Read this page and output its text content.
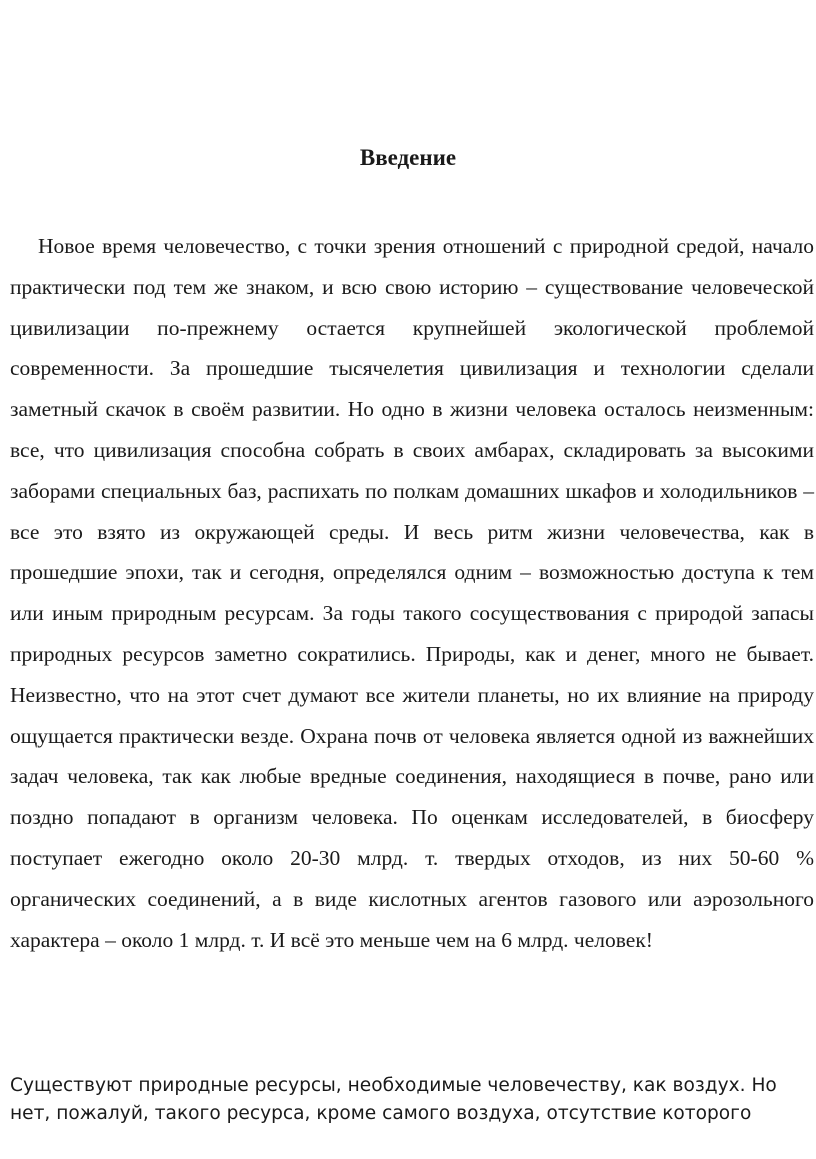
Введение

Новое время человечество, с точки зрения отношений с природной средой, начало практически под тем же знаком, и всю свою историю – существование человеческой цивилизации по-прежнему остается крупнейшей экологической проблемой современности. За прошедшие тысячелетия цивилизация и технологии сделали заметный скачок в своём развитии. Но одно в жизни человека осталось неизменным: все, что цивилизация способна собрать в своих амбарах, складировать за высокими заборами специальных баз, распихать по полкам домашних шкафов и холодильников – все это взято из окружающей среды. И весь ритм жизни человечества, как в прошедшие эпохи, так и сегодня, определялся одним – возможностью доступа к тем или иным природным ресурсам. За годы такого сосуществования с природой запасы природных ресурсов заметно сократились. Природы, как и денег, много не бывает. Неизвестно, что на этот счет думают все жители планеты, но их влияние на природу ощущается практически везде. Охрана почв от человека является одной из важнейших задач человека, так как любые вредные соединения, находящиеся в почве, рано или поздно попадают в организм человека. По оценкам исследователей, в биосферу поступает ежегодно около 20-30 млрд. т. твердых отходов, из них 50-60 % органических соединений, а в виде кислотных агентов газового или аэрозольного характера – около 1 млрд. т. И всё это меньше чем на 6 млрд. человек!

Существуют природные ресурсы, необходимые человечеству, как воздух. Но нет, пожалуй, такого ресурса, кроме самого воздуха, отсутствие которого
